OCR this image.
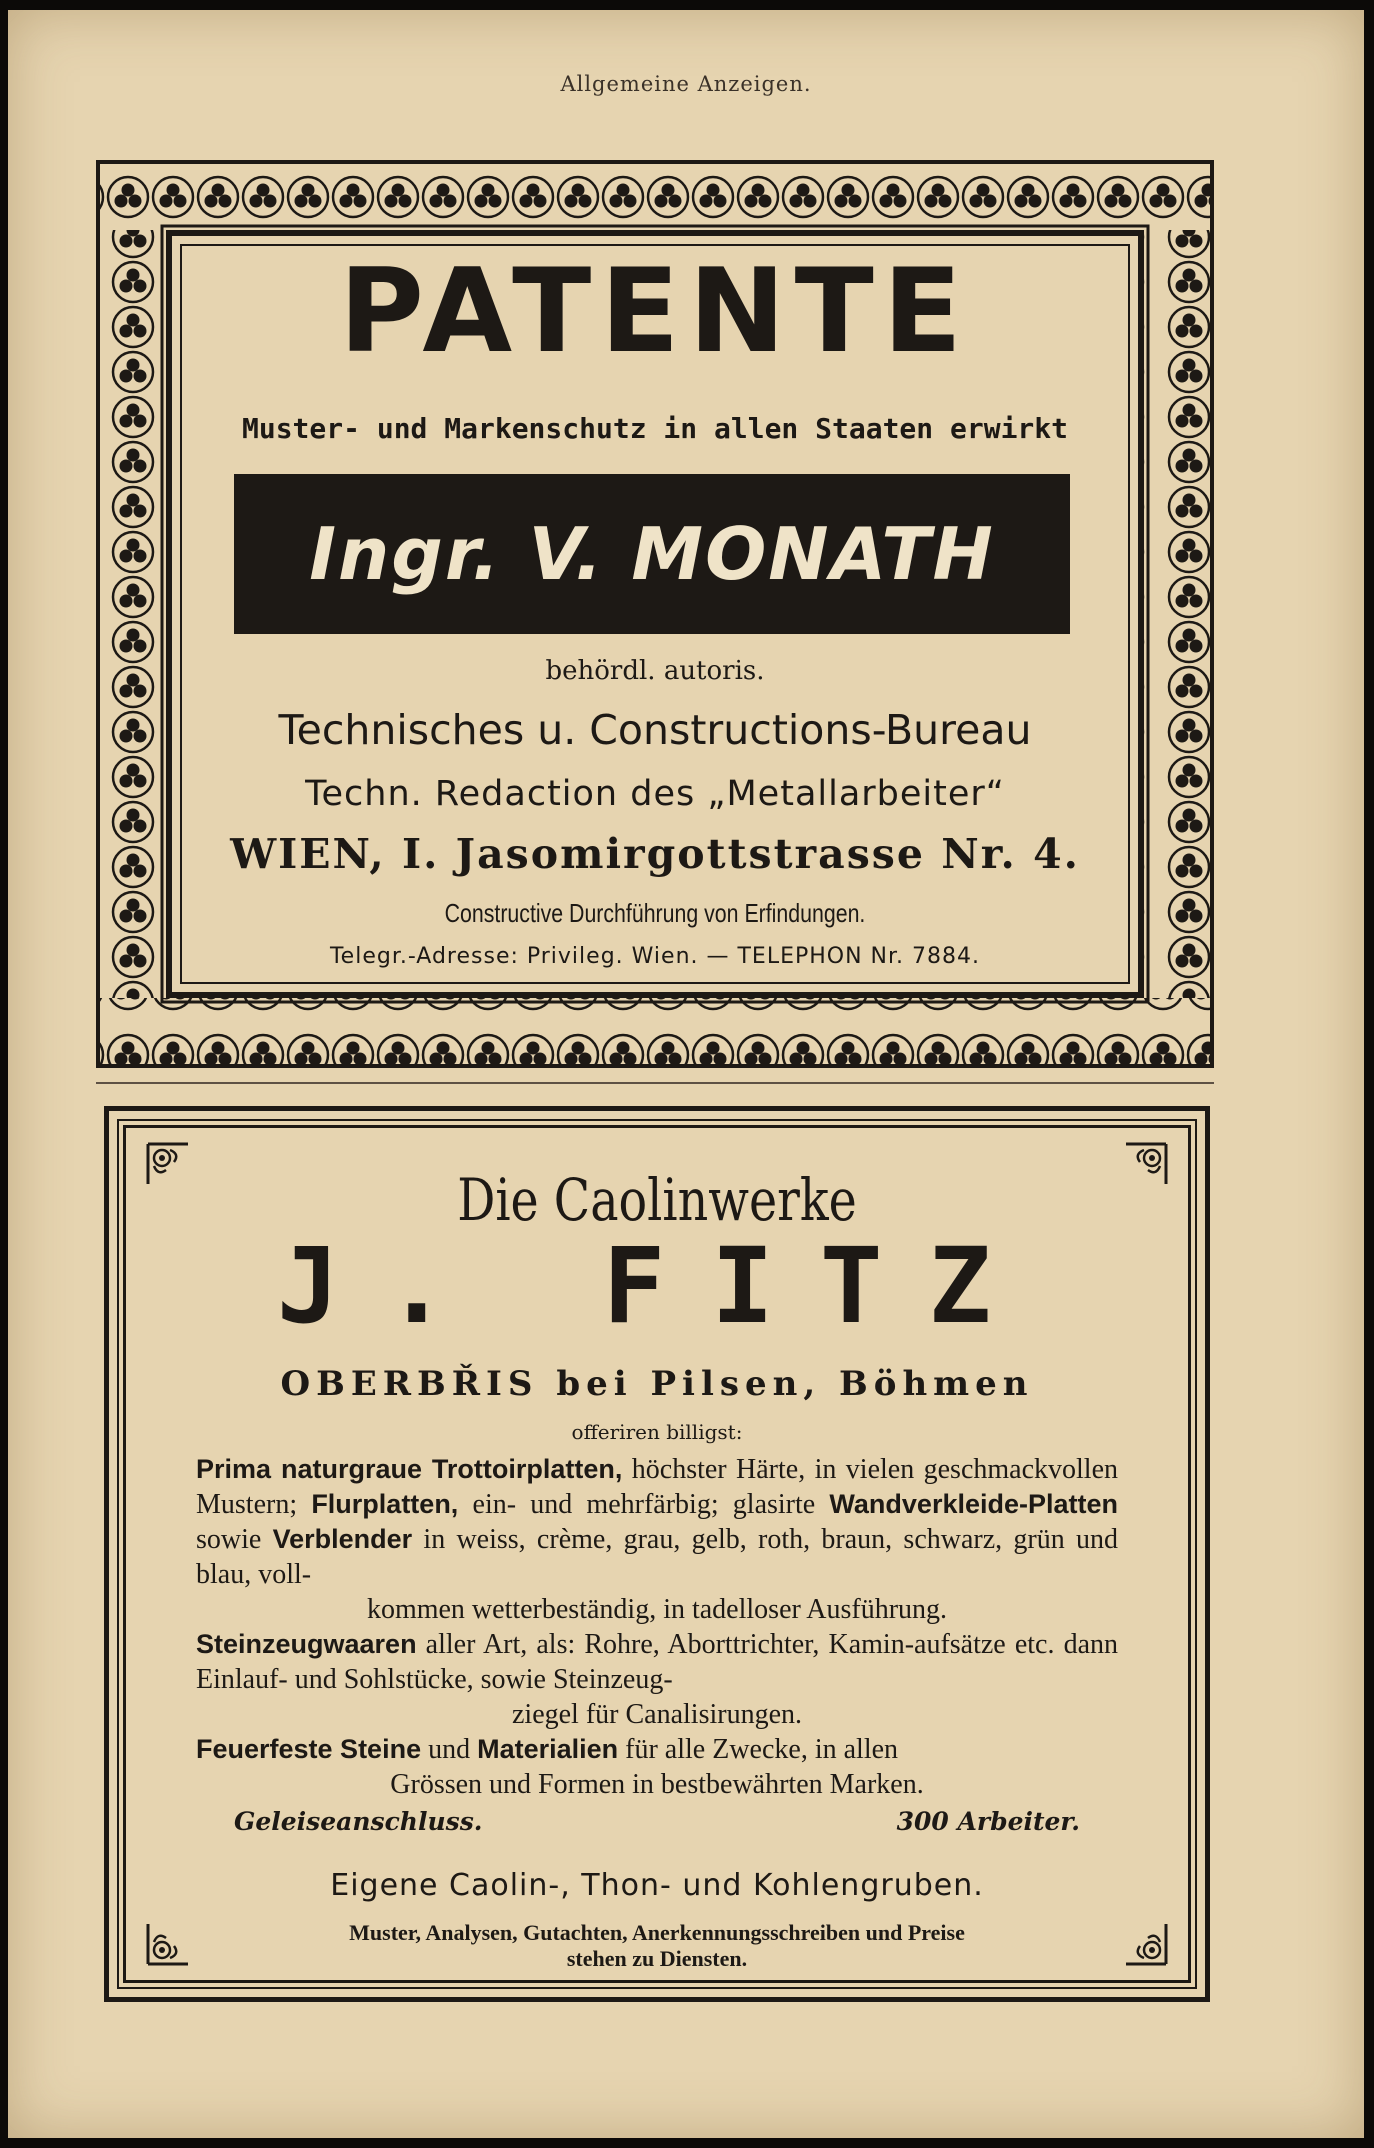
Allgemeine Anzeigen.
PATENTE
Muster- und Markenschutz in allen Staaten erwirkt
Ingr. V. MONATH
behördl. autoris.
Technisches u. Constructions-Bureau
Techn. Redaction des „Metallarbeiter“
WIEN, I. Jasomirgottstrasse Nr. 4.
Constructive Durchführung von Erfindungen.
Telegr.-Adresse: Privileg. Wien. — TELEPHON Nr. 7884.
Die Caolinwerke
J. FITZ
OBERBŘIS bei Pilsen, Böhmen
offeriren billigst:

Prima naturgraue Trottoirplatten, höchster Härte, in vielen geschmackvollen Mustern; Flurplatten, ein- und mehrfärbig; glasirte Wandverkleide-Platten sowie Verblender in weiss, crème, grau, gelb, roth, braun, schwarz, grün und blau, voll-

kommen wetterbeständig, in tadelloser Ausführung.

Steinzeugwaaren aller Art, als: Rohre, Aborttrichter, Kamin-aufsätze etc. dann Einlauf- und Sohlstücke, sowie Steinzeug-

ziegel für Canalisirungen.

Feuerfeste Steine und Materialien für alle Zwecke, in allen

Grössen und Formen in bestbewährten Marken.

Geleiseanschluss.	300 Arbeiter.
Eigene Caolin-, Thon- und Kohlengruben.
Muster, Analysen, Gutachten, Anerkennungsschreiben und Preise
stehen zu Diensten.
